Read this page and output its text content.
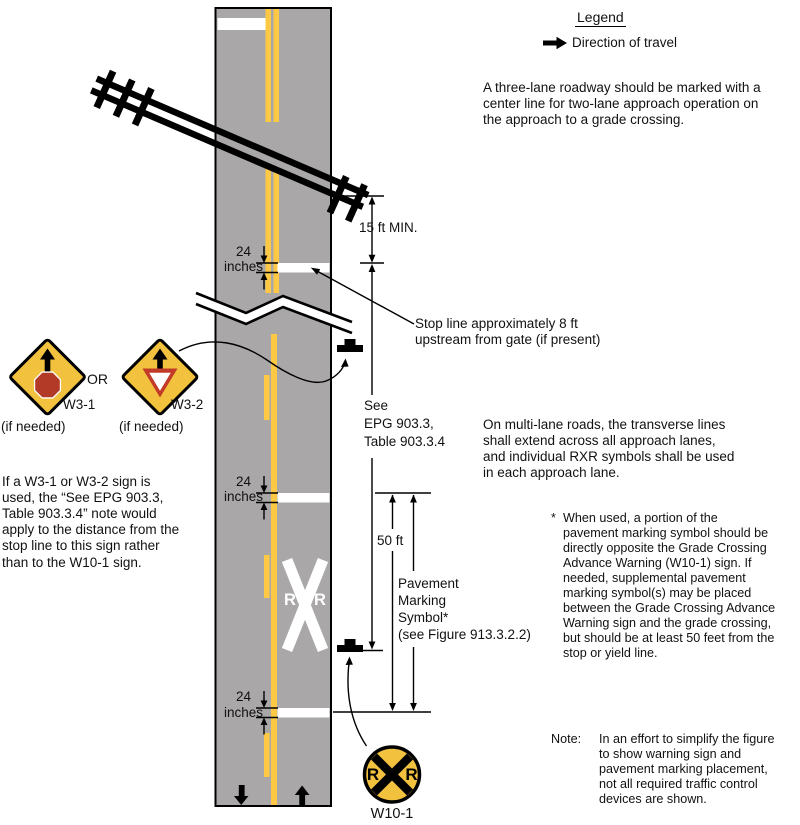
Legend
Direction of travel
A three-lane roadway should be marked with a
center line for two-lane approach operation on
the approach to a grade crossing.
15 ft MIN.
24
inches
24
inches
24
inches
Stop line approximately 8 ft
upstream from gate (if present)
See
EPG 903.3,
Table 903.3.4
On multi-lane roads, the transverse lines
shall extend across all approach lanes,
and individual RXR symbols shall be used
in each approach lane.
50 ft
Pavement
Marking
Symbol*
(see Figure 913.3.2.2)
* When used, a portion of the
pavement marking symbol should be
directly opposite the Grade Crossing
Advance Warning (W10-1) sign. If
needed, supplemental pavement
marking symbol(s) may be placed
between the Grade Crossing Advance
Warning sign and the grade crossing,
but should be at least 50 feet from the
stop or yield line.
If a W3-1 or W3-2 sign is
used, the “See EPG 903.3,
Table 903.3.4” note would
apply to the distance from the
stop line to this sign rather
than to the W10-1 sign.
Note:	In an effort to simplify the figure
to show warning sign and
pavement marking placement,
not all required traffic control
devices are shown.
OR
W3-1	W3-2
(if needed)	(if needed)
R R
R R
W10-1
